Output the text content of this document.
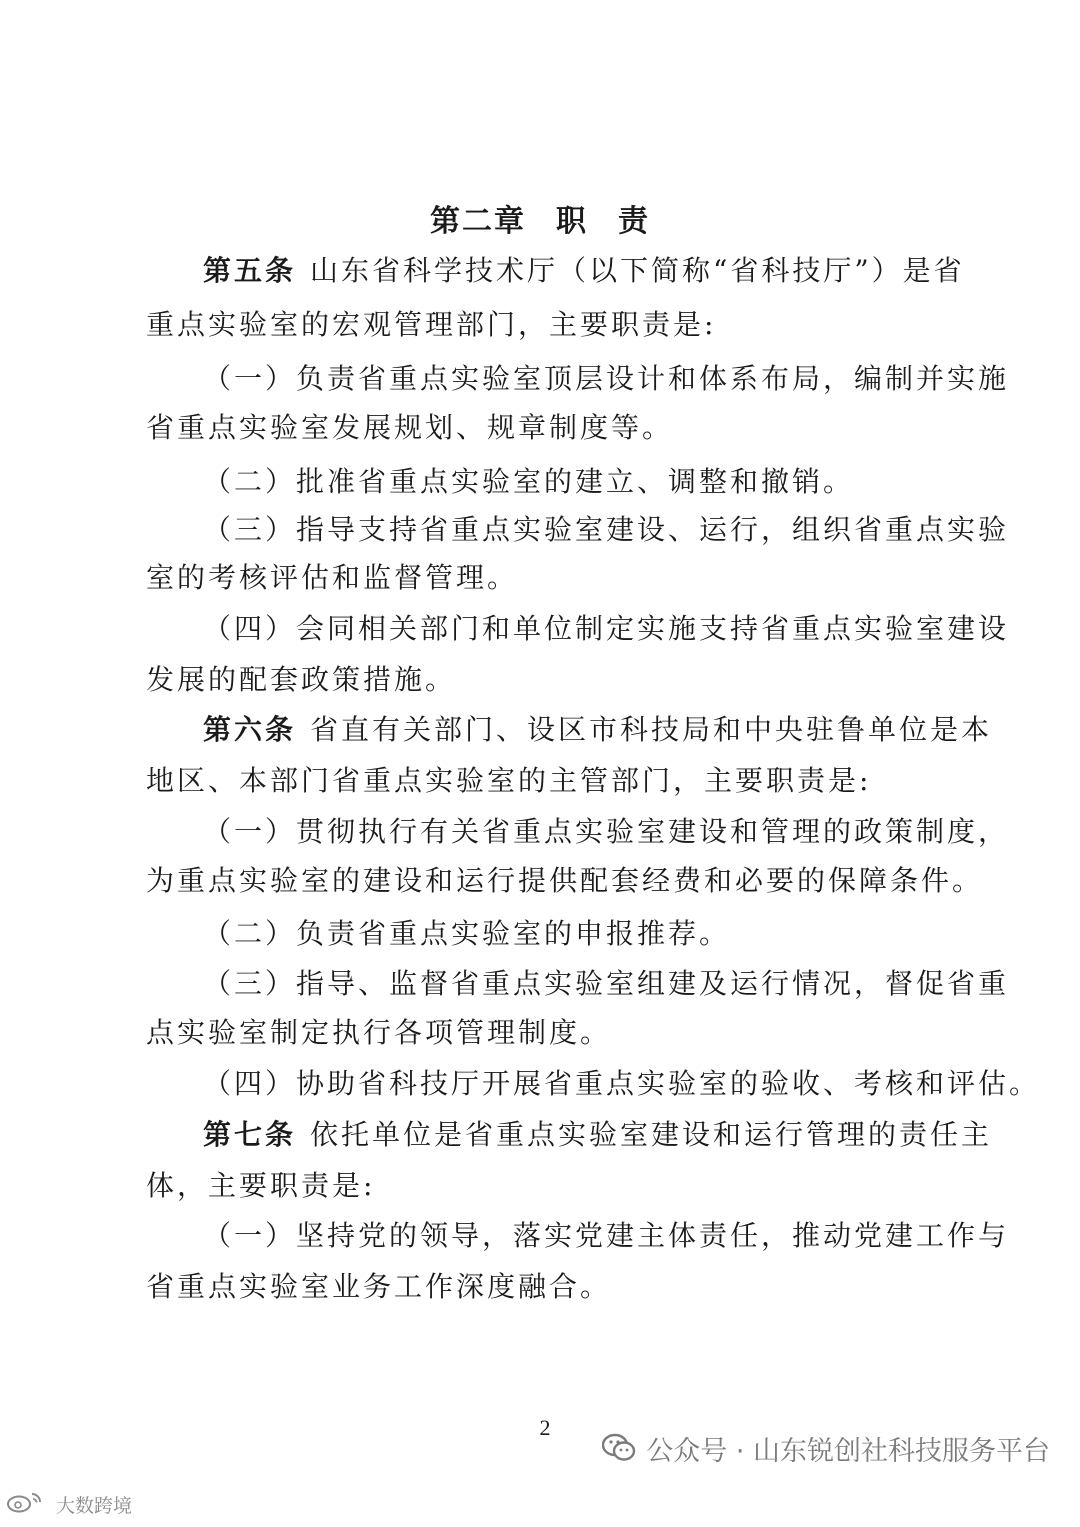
第二章 职 责
第五条 山东省科学技术厅（以下简称“省科技厅”）是省
重点实验室的宏观管理部门，主要职责是:
（一）负责省重点实验室顶层设计和体系布局，编制并实施
省重点实验室发展规划、规章制度等。
（二）批准省重点实验室的建立、调整和撤销。
（三）指导支持省重点实验室建设、运行，组织省重点实验
室的考核评估和监督管理。
（四）会同相关部门和单位制定实施支持省重点实验室建设
发展的配套政策措施。
第六条 省直有关部门、设区市科技局和中央驻鲁单位是本
地区、本部门省重点实验室的主管部门，主要职责是:
（一）贯彻执行有关省重点实验室建设和管理的政策制度，
为重点实验室的建设和运行提供配套经费和必要的保障条件。
（二）负责省重点实验室的申报推荐。
（三）指导、监督省重点实验室组建及运行情况，督促省重
点实验室制定执行各项管理制度。
（四）协助省科技厅开展省重点实验室的验收、考核和评估。
第七条 依托单位是省重点实验室建设和运行管理的责任主
体，主要职责是:
（一）坚持党的领导，落实党建主体责任，推动党建工作与
省重点实验室业务工作深度融合。
2
公众号 · 山东锐创社科技服务平台
大数跨境
